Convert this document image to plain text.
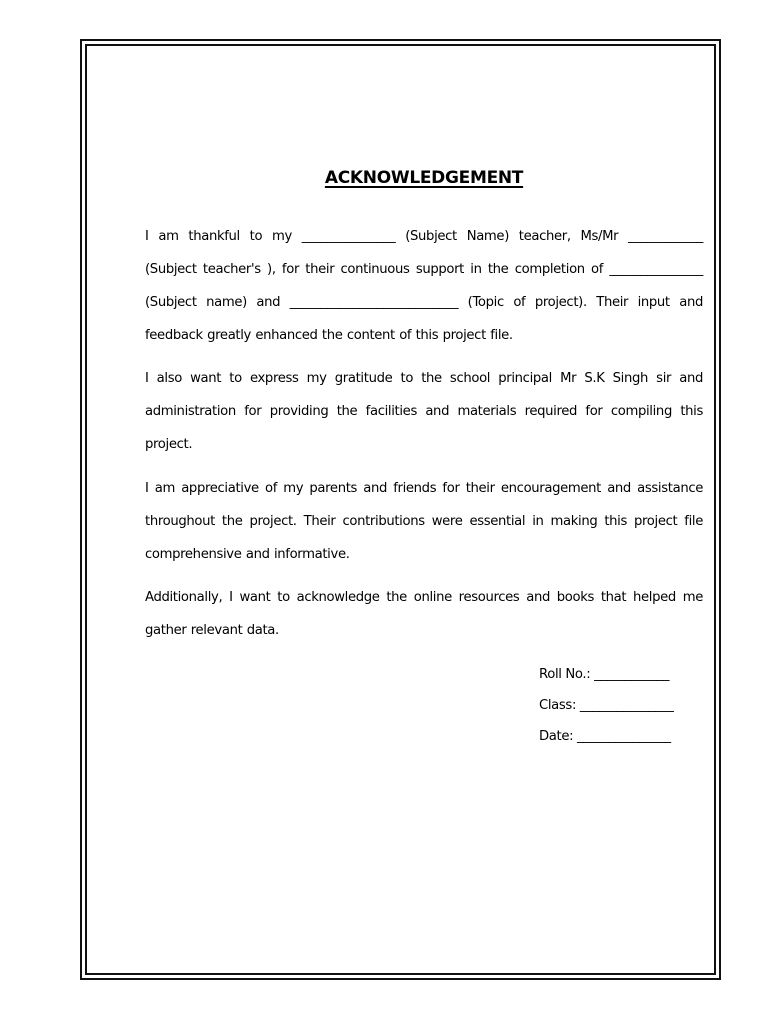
ACKNOWLEDGEMENT

I am thankful to my _______________ (Subject Name) teacher, Ms/Mr ____________ (Subject teacher's ), for their continuous support in the completion of _______________ (Subject name) and ___________________________ (Topic of project). Their input and feedback greatly enhanced the content of this project file.

I also want to express my gratitude to the school principal Mr S.K Singh sir and administration for providing the facilities and materials required for compiling this project.

I am appreciative of my parents and friends for their encouragement and assistance throughout the project. Their contributions were essential in making this project file comprehensive and informative.

Additionally, I want to acknowledge the online resources and books that helped me gather relevant data.

Roll No.: ____________
Class: _______________
Date: _______________
